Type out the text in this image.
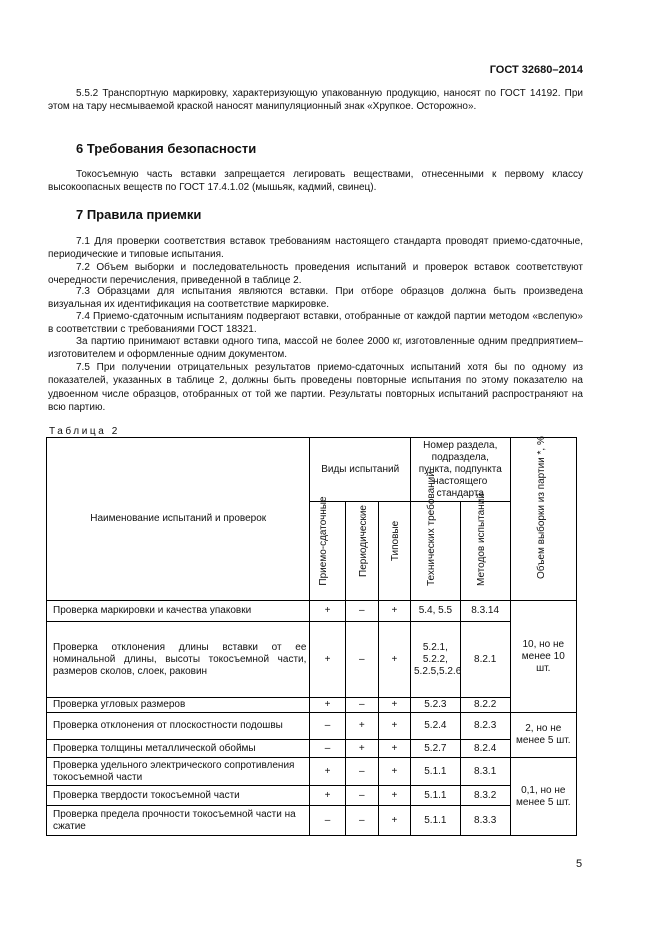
ГОСТ 32680–2014

5.5.2 Транспортную маркировку, характеризующую упакованную продукцию, наносят по ГОСТ 14192. При этом на тару несмываемой краской наносят манипуляционный знак «Хрупкое. Осторожно».

6 Требования безопасности

Токосъемную часть вставки запрещается легировать веществами, отнесенными к первому классу высокоопасных веществ по ГОСТ 17.4.1.02 (мышьяк, кадмий, свинец).

7 Правила приемки

7.1 Для проверки соответствия вставок требованиям настоящего стандарта проводят приемо-сдаточные, периодические и типовые испытания.

7.2 Объем выборки и последовательность проведения испытаний и проверок вставок соответствуют очередности перечисления, приведенной в таблице 2.

7.3 Образцами для испытания являются вставки. При отборе образцов должна быть произведена визуальная их идентификация на соответствие маркировке.

7.4 Приемо-сдаточным испытаниям подвергают вставки, отобранные от каждой партии методом «вслепую» в соответствии с требованиями ГОСТ 18321.

За партию принимают вставки одного типа, массой не более 2000 кг, изготовленные одним предприятием–изготовителем и оформленные одним документом.

7.5 При получении отрицательных результатов приемо-сдаточных испытаний хотя бы по одному из показателей, указанных в таблице 2, должны быть проведены повторные испытания по этому показателю на удвоенном числе образцов, отобранных от той же партии. Результаты повторных испытаний распространяют на всю партию.

Таблица 2
Наименование испытаний и проверок	Виды испытаний			Номер раздела, подраздела, пункта, подпункта настоящего стандарта		Объем выборки из партии *, %

	Приемо-сдаточные	Периодические	Типовые	Технических требований	Методов испытаний	

Проверка маркировки и качества упаковки	+	–	+	5.4, 5.5	8.3.14	10, но не менее 10 шт.
Проверка отклонения длины вставки от ее номинальной длины, высоты токосъемной части, размеров сколов, слоек, раковин	+	–	+	5.2.1, 5.2.2, 5.2.5,5.2.6	8.2.1	
Проверка угловых размеров	+	–	+	5.2.3	8.2.2	
Проверка отклонения от плоскостности подошвы	–	+	+	5.2.4	8.2.3	2, но не менее 5 шт.
Проверка толщины металлической обоймы	–	+	+	5.2.7	8.2.4	
Проверка удельного электрического сопротивления токосъемной части	+	–	+	5.1.1	8.3.1	0,1, но не менее 5 шт.
Проверка твердости токосъемной части	+	–	+	5.1.1	8.3.2	
Проверка предела прочности токосъемной части на сжатие	–	–	+	5.1.1	8.3.3	
5
